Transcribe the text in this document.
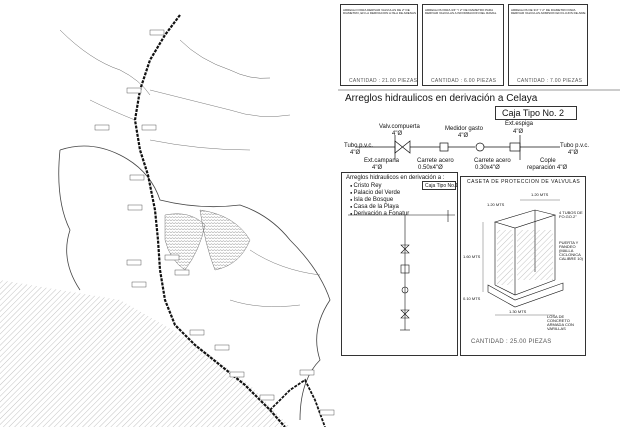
ARREGLO PARA DERIVAR VALVULAS DE 2" DE DIAMETRO, EN LA DERIVACION A ISLA DE ARENAS
CANTIDAD : 21.00 PIEZAS
ARREGLOS PARA 3/4" Y 2" DE DIAMETRO PARA DERIVAR VALVULAS A INFORMACION DEL RAMAL
CANTIDAD : 6.00 PIEZAS
ARREGLOS DE 3/4" Y 2" DE DIAMETRO PARA DERIVAR VALVULAS ADMISION EN FLUJOS DE AIRE
CANTIDAD : 7.00 PIEZAS
Arreglos hidraulicos en derivación a Celaya
Caja Tipo No. 2
Valv.compuerta
4"Ø
Medidor gasto
4"Ø
Ext.espiga
4"Ø
Tubo p.v.c.
4"Ø
Tubo p.v.c.
4"Ø
Ext.campana
4"Ø
Carrete acero
0.50x4"Ø
Carrete acero
0.30x4"Ø
Cople
reparación 4"Ø
Arreglos hidraulicos en derivación a :
● Cristo Rey
● Palacio del Verde
● Isla de Bosque
● Casa de la Playa
● Derivación a Fonatur
Caja Tipo No.1
CASETA DE PROTECCION DE VALVULAS
1.20 MTS
1.20 MTS
1.60 MTS
0.10 MTS
1.30 MTS
4 TUBOS DE FO.GO.2"
PUERTA Y PANDEO (MALLA CICLONICA CALIBRE 10)
LOSA DE CONCRETO ARMADA CON VARILLAS
CANTIDAD : 25.00 PIEZAS
